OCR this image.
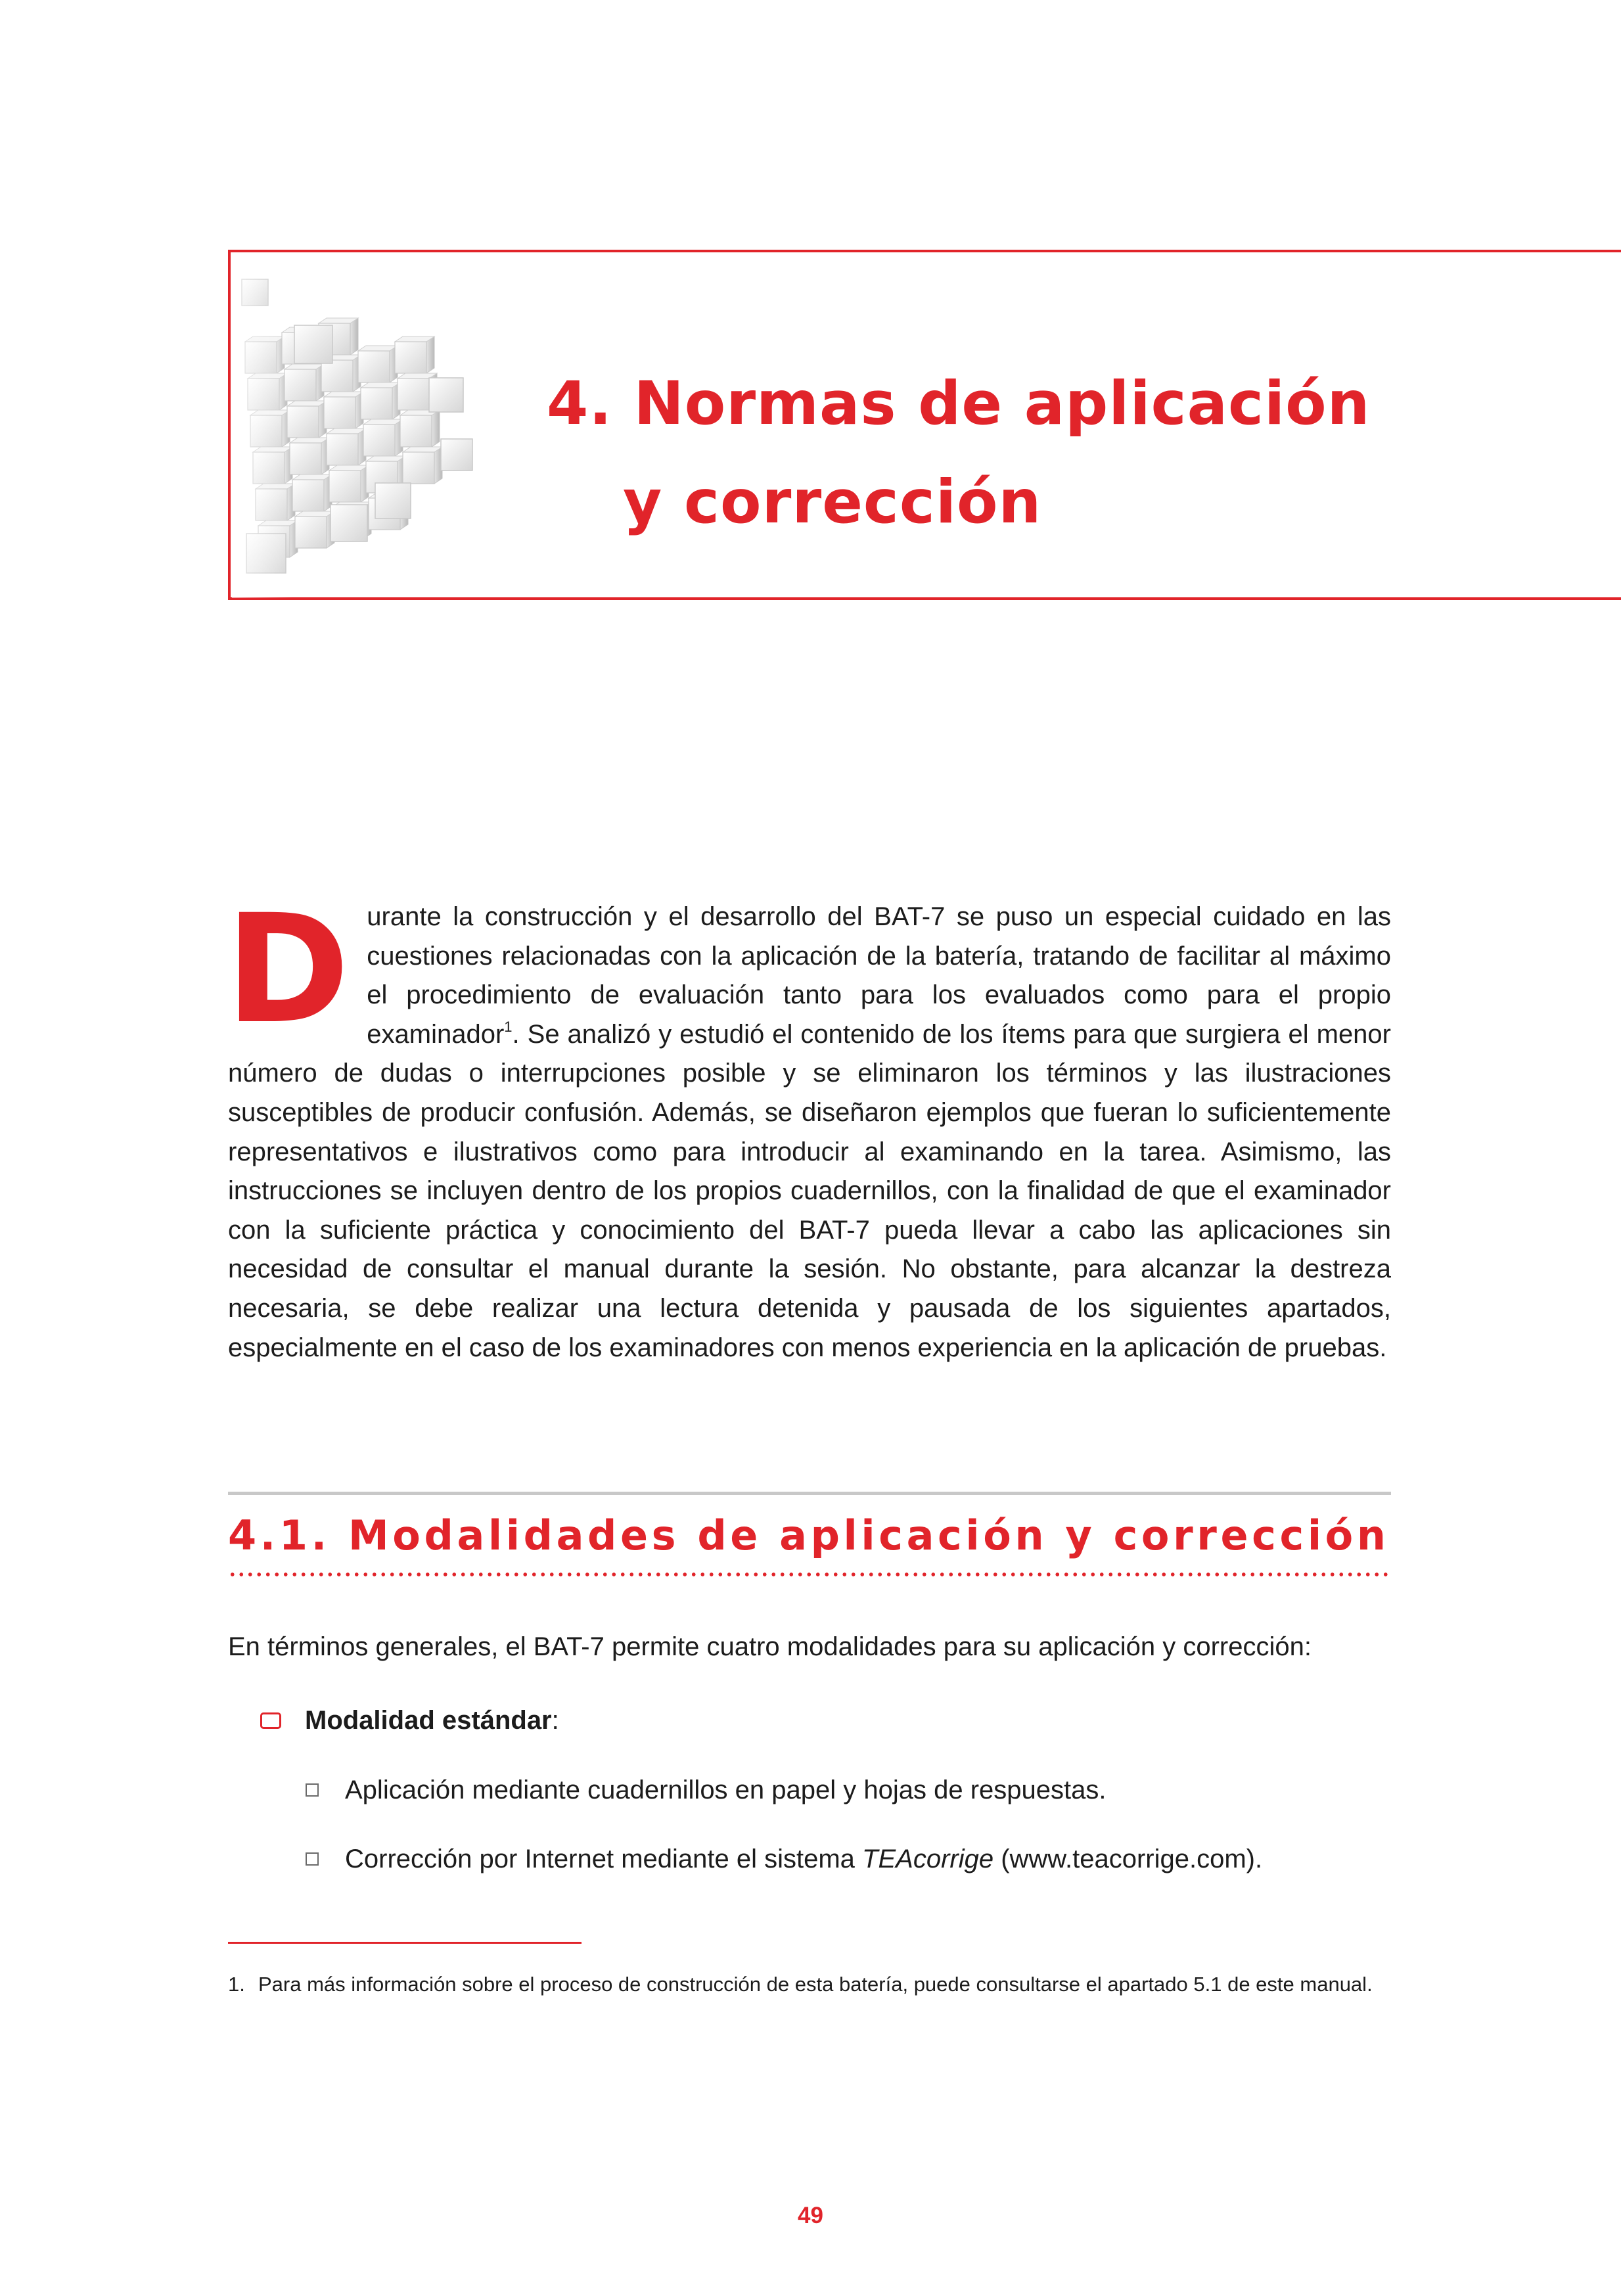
4. Normas de aplicación
y corrección

Durante la construcción y el desarrollo del BAT-7 se puso un especial cuidado en las cuestiones relacionadas con la aplicación de la batería, tratando de facilitar al máximo el procedimiento de evaluación tanto para los evaluados como para el propio examinador$^1$. Se analizó y estudió el contenido de los ítems para que surgiera el menor número de dudas o interrupciones posible y se eliminaron los términos y las ilustraciones susceptibles de producir confusión. Además, se diseñaron ejemplos que fueran lo suficientemente representativos e ilustrativos como para introducir al examinando en la tarea. Asimismo, las instrucciones se incluyen dentro de los propios cuadernillos, con la finalidad de que el examinador con la suficiente práctica y conocimiento del BAT-7 pueda llevar a cabo las aplicaciones sin necesidad de consultar el manual durante la sesión. No obstante, para alcanzar la destreza necesaria, se debe realizar una lectura detenida y pausada de los siguientes apartados, especialmente en el caso de los examinadores con menos experiencia en la aplicación de pruebas.

4.1. Modalidades de aplicación y corrección

En términos generales, el BAT-7 permite cuatro modalidades para su aplicación y corrección:

Modalidad estándar:
Aplicación mediante cuadernillos en papel y hojas de respuestas.
Corrección por Internet mediante el sistema TEAcorrige (www.teacorrige.com).

1. Para más información sobre el proceso de construcción de esta batería, puede consultarse el apartado 5.1 de este manual.

49
